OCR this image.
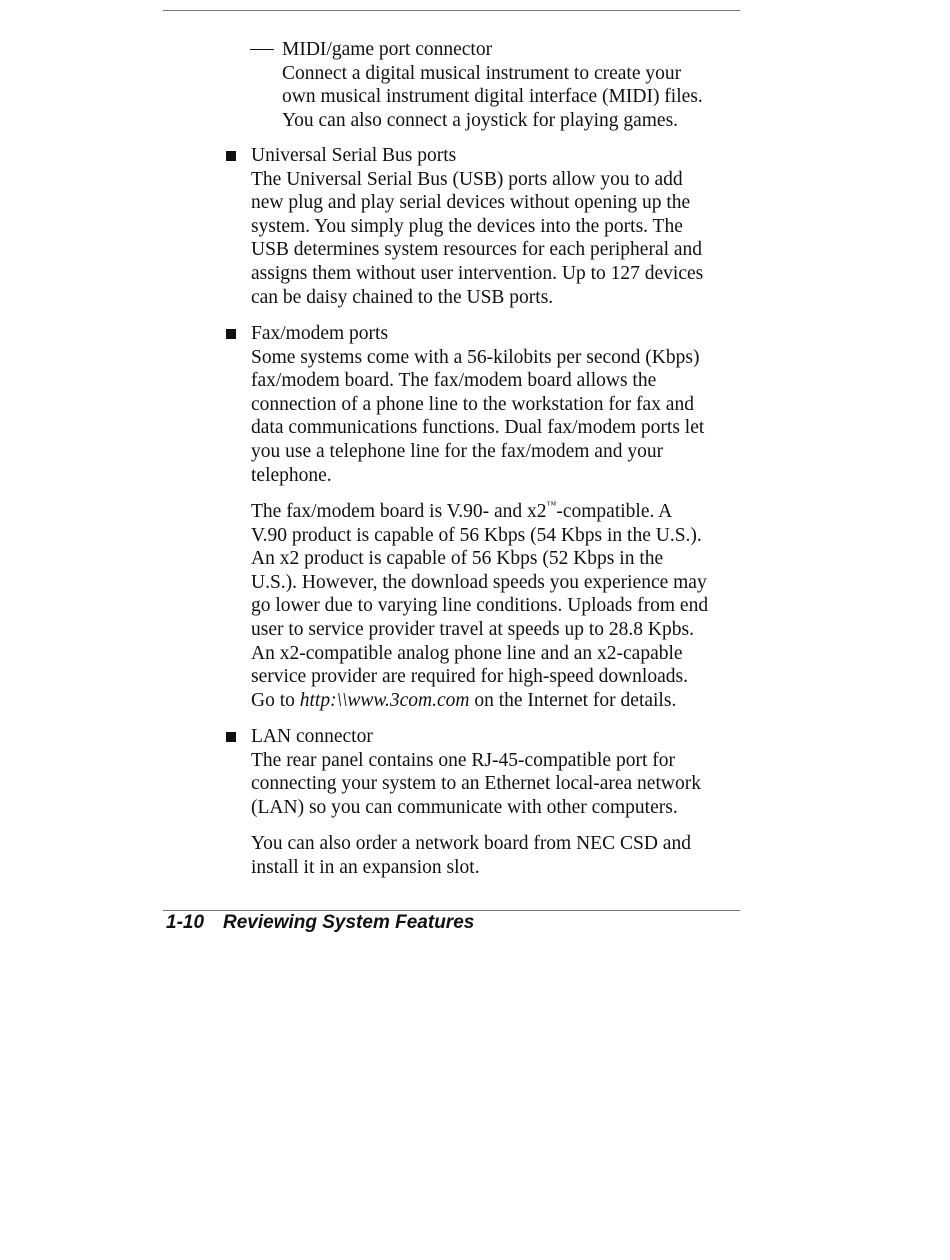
MIDI/game port connector
Connect a digital musical instrument to create your
own musical instrument digital interface (MIDI) files.
You can also connect a joystick for playing games.
Universal Serial Bus ports
The Universal Serial Bus (USB) ports allow you to add
new plug and play serial devices without opening up the
system. You simply plug the devices into the ports. The
USB determines system resources for each peripheral and
assigns them without user intervention. Up to 127 devices
can be daisy chained to the USB ports.
Fax/modem ports
Some systems come with a 56-kilobits per second (Kbps)
fax/modem board. The fax/modem board allows the
connection of a phone line to the workstation for fax and
data communications functions. Dual fax/modem ports let
you use a telephone line for the fax/modem and your
telephone.
The fax/modem board is V.90- and x2™-compatible. A
V.90 product is capable of 56 Kbps (54 Kbps in the U.S.).
An x2 product is capable of 56 Kbps (52 Kbps in the
U.S.). However, the download speeds you experience may
go lower due to varying line conditions. Uploads from end
user to service provider travel at speeds up to 28.8 Kpbs.
An x2-compatible analog phone line and an x2-capable
service provider are required for high-speed downloads.
Go to http:\\www.3com.com on the Internet for details.
LAN connector
The rear panel contains one RJ-45-compatible port for
connecting your system to an Ethernet local-area network
(LAN) so you can communicate with other computers.
You can also order a network board from NEC CSD and
install it in an expansion slot.
1-10 Reviewing System Features
